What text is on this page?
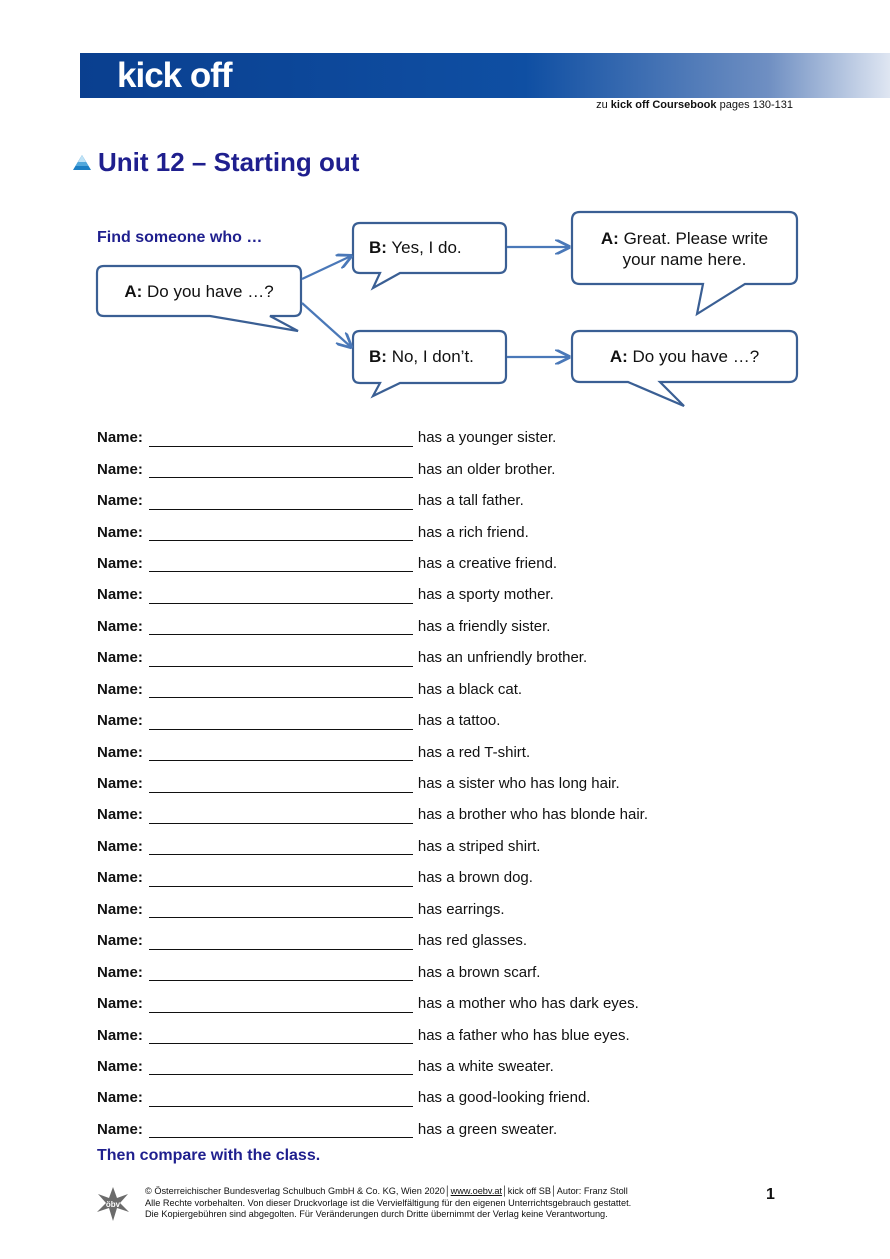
kick off
zu kick off Coursebook pages 130-131
Unit 12 – Starting out
Find someone who …
A: Do you have …?
B: Yes, I do.
B: No, I don’t.
A: Great. Please write
your name here.
A: Do you have …?
Name:	has a younger sister.
Name:	has an older brother.
Name:	has a tall father.
Name:	has a rich friend.
Name:	has a creative friend.
Name:	has a sporty mother.
Name:	has a friendly sister.
Name:	has an unfriendly brother.
Name:	has a black cat.
Name:	has a tattoo.
Name:	has a red T-shirt.
Name:	has a sister who has long hair.
Name:	has a brother who has blonde hair.
Name:	has a striped shirt.
Name:	has a brown dog.
Name:	has earrings.
Name:	has red glasses.
Name:	has a brown scarf.
Name:	has a mother who has dark eyes.
Name:	has a father who has blue eyes.
Name:	has a white sweater.
Name:	has a good-looking friend.
Name:	has a green sweater.
Then compare with the class.
öbv
© Österreichischer Bundesverlag Schulbuch GmbH & Co. KG, Wien 2020│www.oebv.at│kick off SB│Autor: Franz Stoll
Alle Rechte vorbehalten. Von dieser Druckvorlage ist die Vervielfältigung für den eigenen Unterrichtsgebrauch gestattet.
Die Kopiergebühren sind abgegolten. Für Veränderungen durch Dritte übernimmt der Verlag keine Verantwortung.
1
